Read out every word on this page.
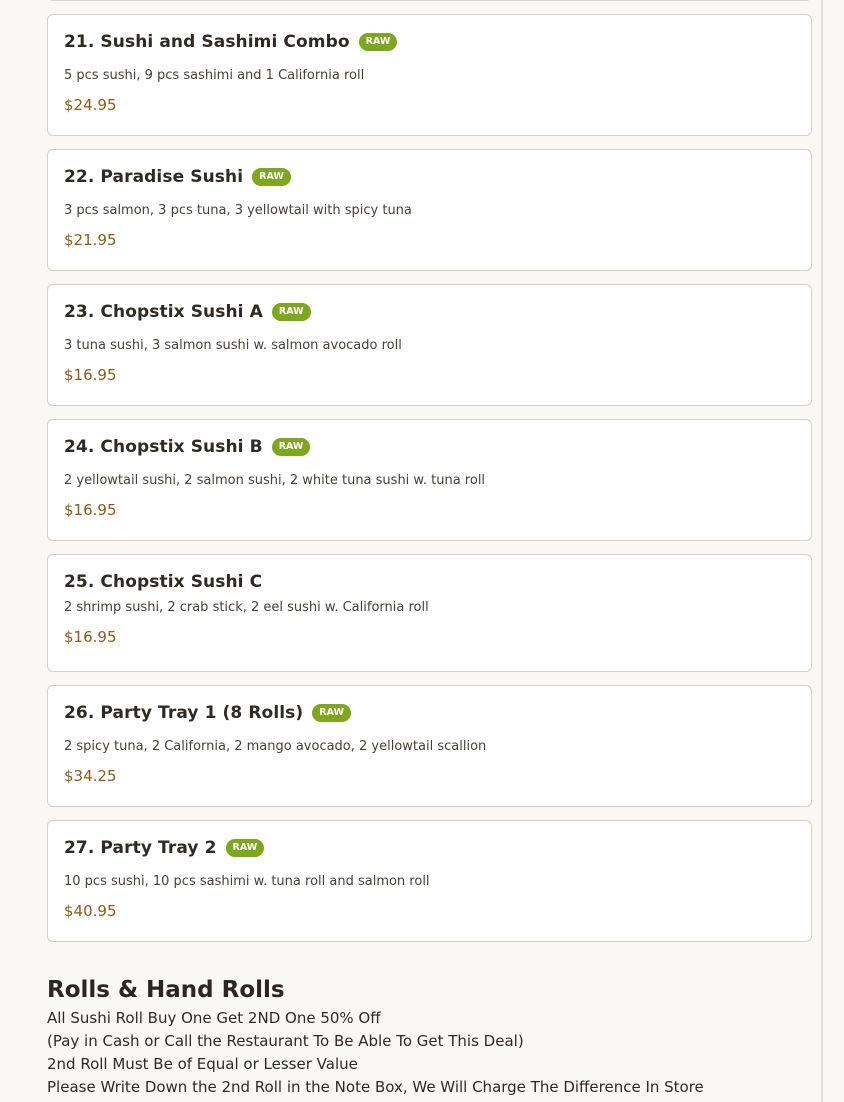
21. Sushi and Sashimi Combo	RAW
5 pcs sushi, 9 pcs sashimi and 1 California roll
$24.95
22. Paradise Sushi	RAW
3 pcs salmon, 3 pcs tuna, 3 yellowtail with spicy tuna
$21.95
23. Chopstix Sushi A	RAW
3 tuna sushi, 3 salmon sushi w. salmon avocado roll
$16.95
24. Chopstix Sushi B	RAW
2 yellowtail sushi, 2 salmon sushi, 2 white tuna sushi w. tuna roll
$16.95
25. Chopstix Sushi C
2 shrimp sushi, 2 crab stick, 2 eel sushi w. California roll
$16.95
26. Party Tray 1 (8 Rolls)	RAW
2 spicy tuna, 2 California, 2 mango avocado, 2 yellowtail scallion
$34.25
27. Party Tray 2	RAW
10 pcs sushi, 10 pcs sashimi w. tuna roll and salmon roll
$40.95
Rolls & Hand Rolls
All Sushi Roll Buy One Get 2ND One 50% Off
(Pay in Cash or Call the Restaurant To Be Able To Get This Deal)
2nd Roll Must Be of Equal or Lesser Value
Please Write Down the 2nd Roll in the Note Box, We Will Charge The Difference In Store
